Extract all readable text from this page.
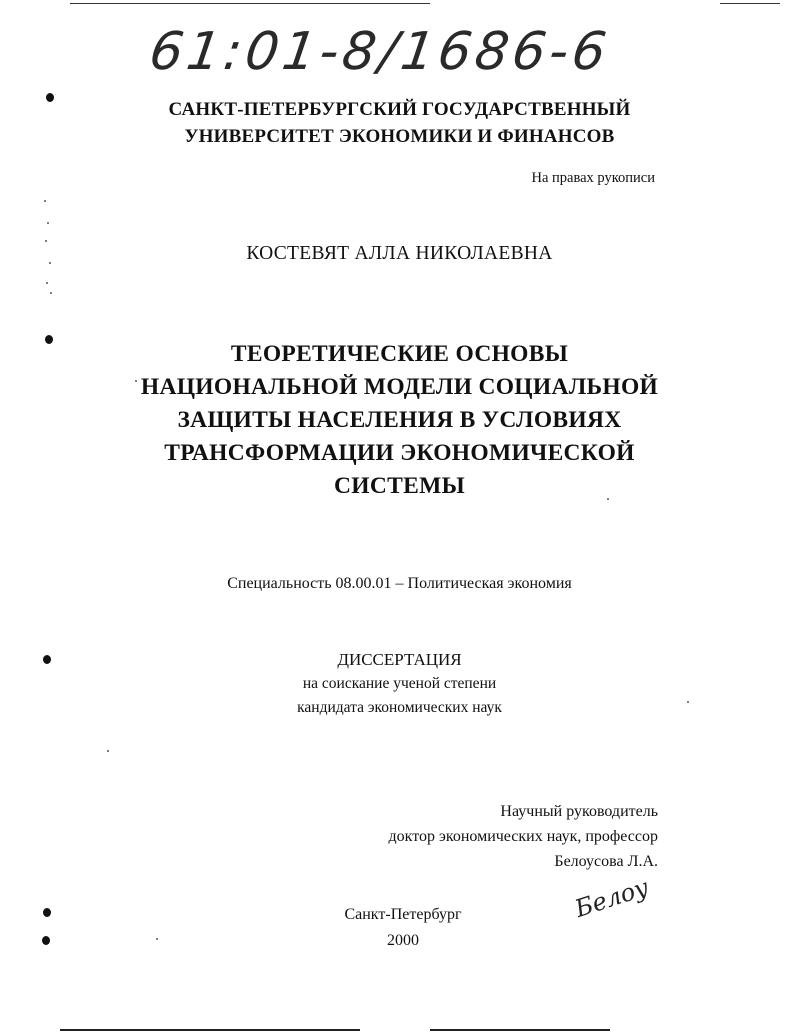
61:01-8/1686-6
САНКТ-ПЕТЕРБУРГСКИЙ ГОСУДАРСТВЕННЫЙ
УНИВЕРСИТЕТ ЭКОНОМИКИ И ФИНАНСОВ
На правах рукописи
КОСТЕВЯТ АЛЛА НИКОЛАЕВНА
ТЕОРЕТИЧЕСКИЕ ОСНОВЫ
НАЦИОНАЛЬНОЙ МОДЕЛИ СОЦИАЛЬНОЙ
ЗАЩИТЫ НАСЕЛЕНИЯ В УСЛОВИЯХ
ТРАНСФОРМАЦИИ ЭКОНОМИЧЕСКОЙ
СИСТЕМЫ
Специальность 08.00.01 – Политическая экономия
ДИССЕРТАЦИЯ
на соискание ученой степени
кандидата экономических наук
Научный руководитель
доктор экономических наук, профессор
Белоусова Л.А.
Белоу
Санкт-Петербург
2000
